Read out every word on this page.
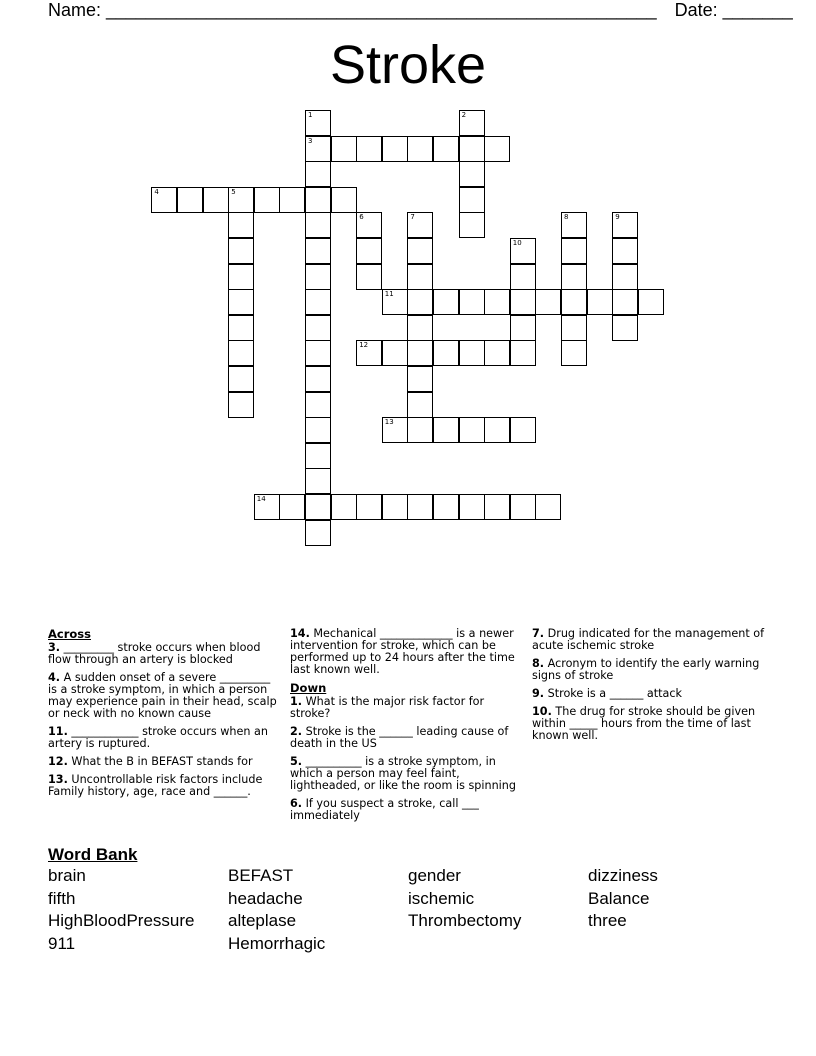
Name: _______________________________________________________ Date: _______
Stroke
1
3
2
4	5
6	7	8	9
10
11
12
13
14
Across
3. _________ stroke occurs when blood flow through an artery is blocked
4. A sudden onset of a severe _________ is a stroke symptom, in which a person may experience pain in their head, scalp or neck with no known cause
11. ____________ stroke occurs when an artery is ruptured.
12. What the B in BEFAST stands for
13. Uncontrollable risk factors include Family history, age, race and ______.
14. Mechanical _____________ is a newer intervention for stroke, which can be performed up to 24 hours after the time last known well.
Down
1. What is the major risk factor for stroke?
2. Stroke is the ______ leading cause of death in the US
5. __________ is a stroke symptom, in which a person may feel faint, lightheaded, or like the room is spinning
6. If you suspect a stroke, call ___ immediately
7. Drug indicated for the management of acute ischemic stroke
8. Acronym to identify the early warning signs of stroke
9. Stroke is a ______ attack
10. The drug for stroke should be given within _____ hours from the time of last known well.
Word Bank
brain	BEFAST	gender	dizziness
fifth	headache	ischemic	Balance
HighBloodPressure	alteplase	Thrombectomy	three
911	Hemorrhagic
